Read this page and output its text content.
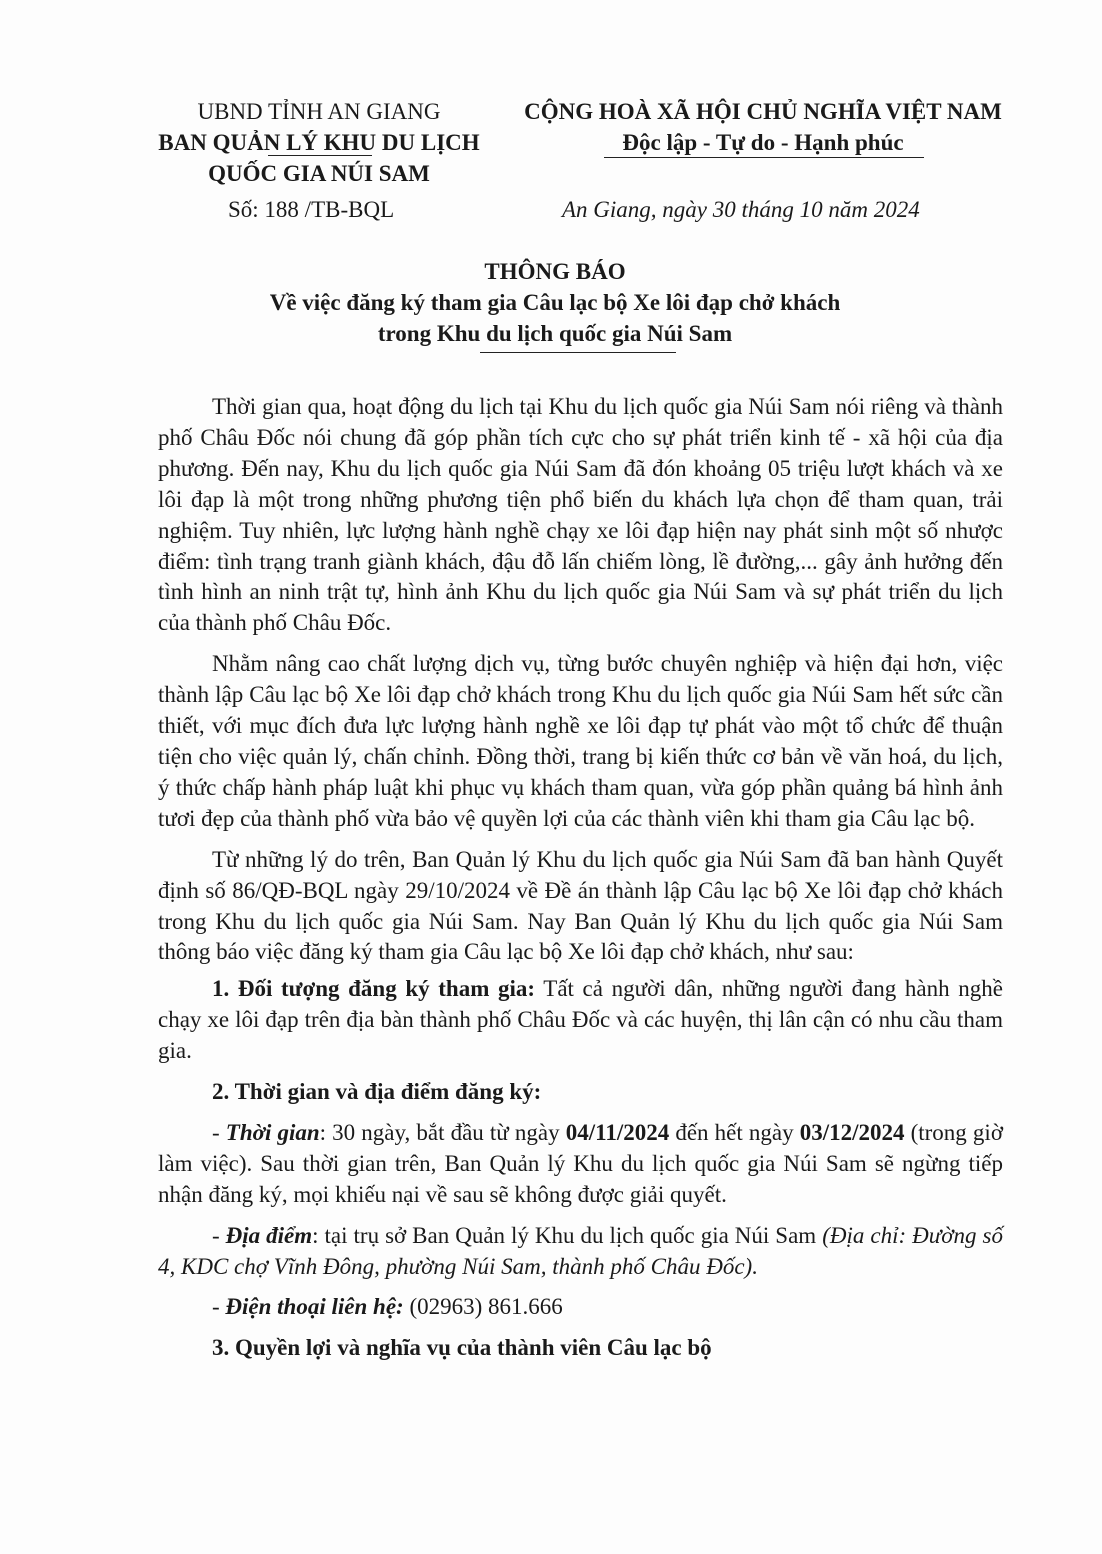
UBND TỈNH AN GIANG
BAN QUẢN LÝ KHU DU LỊCH
QUỐC GIA NÚI SAM
CỘNG HOÀ XÃ HỘI CHỦ NGHĨA VIỆT NAM
Độc lập - Tự do - Hạnh phúc
Số: 188 /TB-BQL	An Giang, ngày 30 tháng 10 năm 2024
THÔNG BÁO
Về việc đăng ký tham gia Câu lạc bộ Xe lôi đạp chở khách
trong Khu du lịch quốc gia Núi Sam

Thời gian qua, hoạt động du lịch tại Khu du lịch quốc gia Núi Sam nói riêng và thành phố Châu Đốc nói chung đã góp phần tích cực cho sự phát triển kinh tế - xã hội của địa phương. Đến nay, Khu du lịch quốc gia Núi Sam đã đón khoảng 05 triệu lượt khách và xe lôi đạp là một trong những phương tiện phổ biến du khách lựa chọn để tham quan, trải nghiệm. Tuy nhiên, lực lượng hành nghề chạy xe lôi đạp hiện nay phát sinh một số nhược điểm: tình trạng tranh giành khách, đậu đỗ lấn chiếm lòng, lề đường,... gây ảnh hưởng đến tình hình an ninh trật tự, hình ảnh Khu du lịch quốc gia Núi Sam và sự phát triển du lịch của thành phố Châu Đốc.

Nhằm nâng cao chất lượng dịch vụ, từng bước chuyên nghiệp và hiện đại hơn, việc thành lập Câu lạc bộ Xe lôi đạp chở khách trong Khu du lịch quốc gia Núi Sam hết sức cần thiết, với mục đích đưa lực lượng hành nghề xe lôi đạp tự phát vào một tổ chức để thuận tiện cho việc quản lý, chấn chỉnh. Đồng thời, trang bị kiến thức cơ bản về văn hoá, du lịch, ý thức chấp hành pháp luật khi phục vụ khách tham quan, vừa góp phần quảng bá hình ảnh tươi đẹp của thành phố vừa bảo vệ quyền lợi của các thành viên khi tham gia Câu lạc bộ.

Từ những lý do trên, Ban Quản lý Khu du lịch quốc gia Núi Sam đã ban hành Quyết định số 86/QĐ-BQL ngày 29/10/2024 về Đề án thành lập Câu lạc bộ Xe lôi đạp chở khách trong Khu du lịch quốc gia Núi Sam. Nay Ban Quản lý Khu du lịch quốc gia Núi Sam thông báo việc đăng ký tham gia Câu lạc bộ Xe lôi đạp chở khách, như sau:

1. Đối tượng đăng ký tham gia: Tất cả người dân, những người đang hành nghề chạy xe lôi đạp trên địa bàn thành phố Châu Đốc và các huyện, thị lân cận có nhu cầu tham gia.

2. Thời gian và địa điểm đăng ký:

- Thời gian: 30 ngày, bắt đầu từ ngày 04/11/2024 đến hết ngày 03/12/2024 (trong giờ làm việc). Sau thời gian trên, Ban Quản lý Khu du lịch quốc gia Núi Sam sẽ ngừng tiếp nhận đăng ký, mọi khiếu nại về sau sẽ không được giải quyết.

- Địa điểm: tại trụ sở Ban Quản lý Khu du lịch quốc gia Núi Sam (Địa chỉ: Đường số 4, KDC chợ Vĩnh Đông, phường Núi Sam, thành phố Châu Đốc).

- Điện thoại liên hệ: (02963) 861.666

3. Quyền lợi và nghĩa vụ của thành viên Câu lạc bộ
